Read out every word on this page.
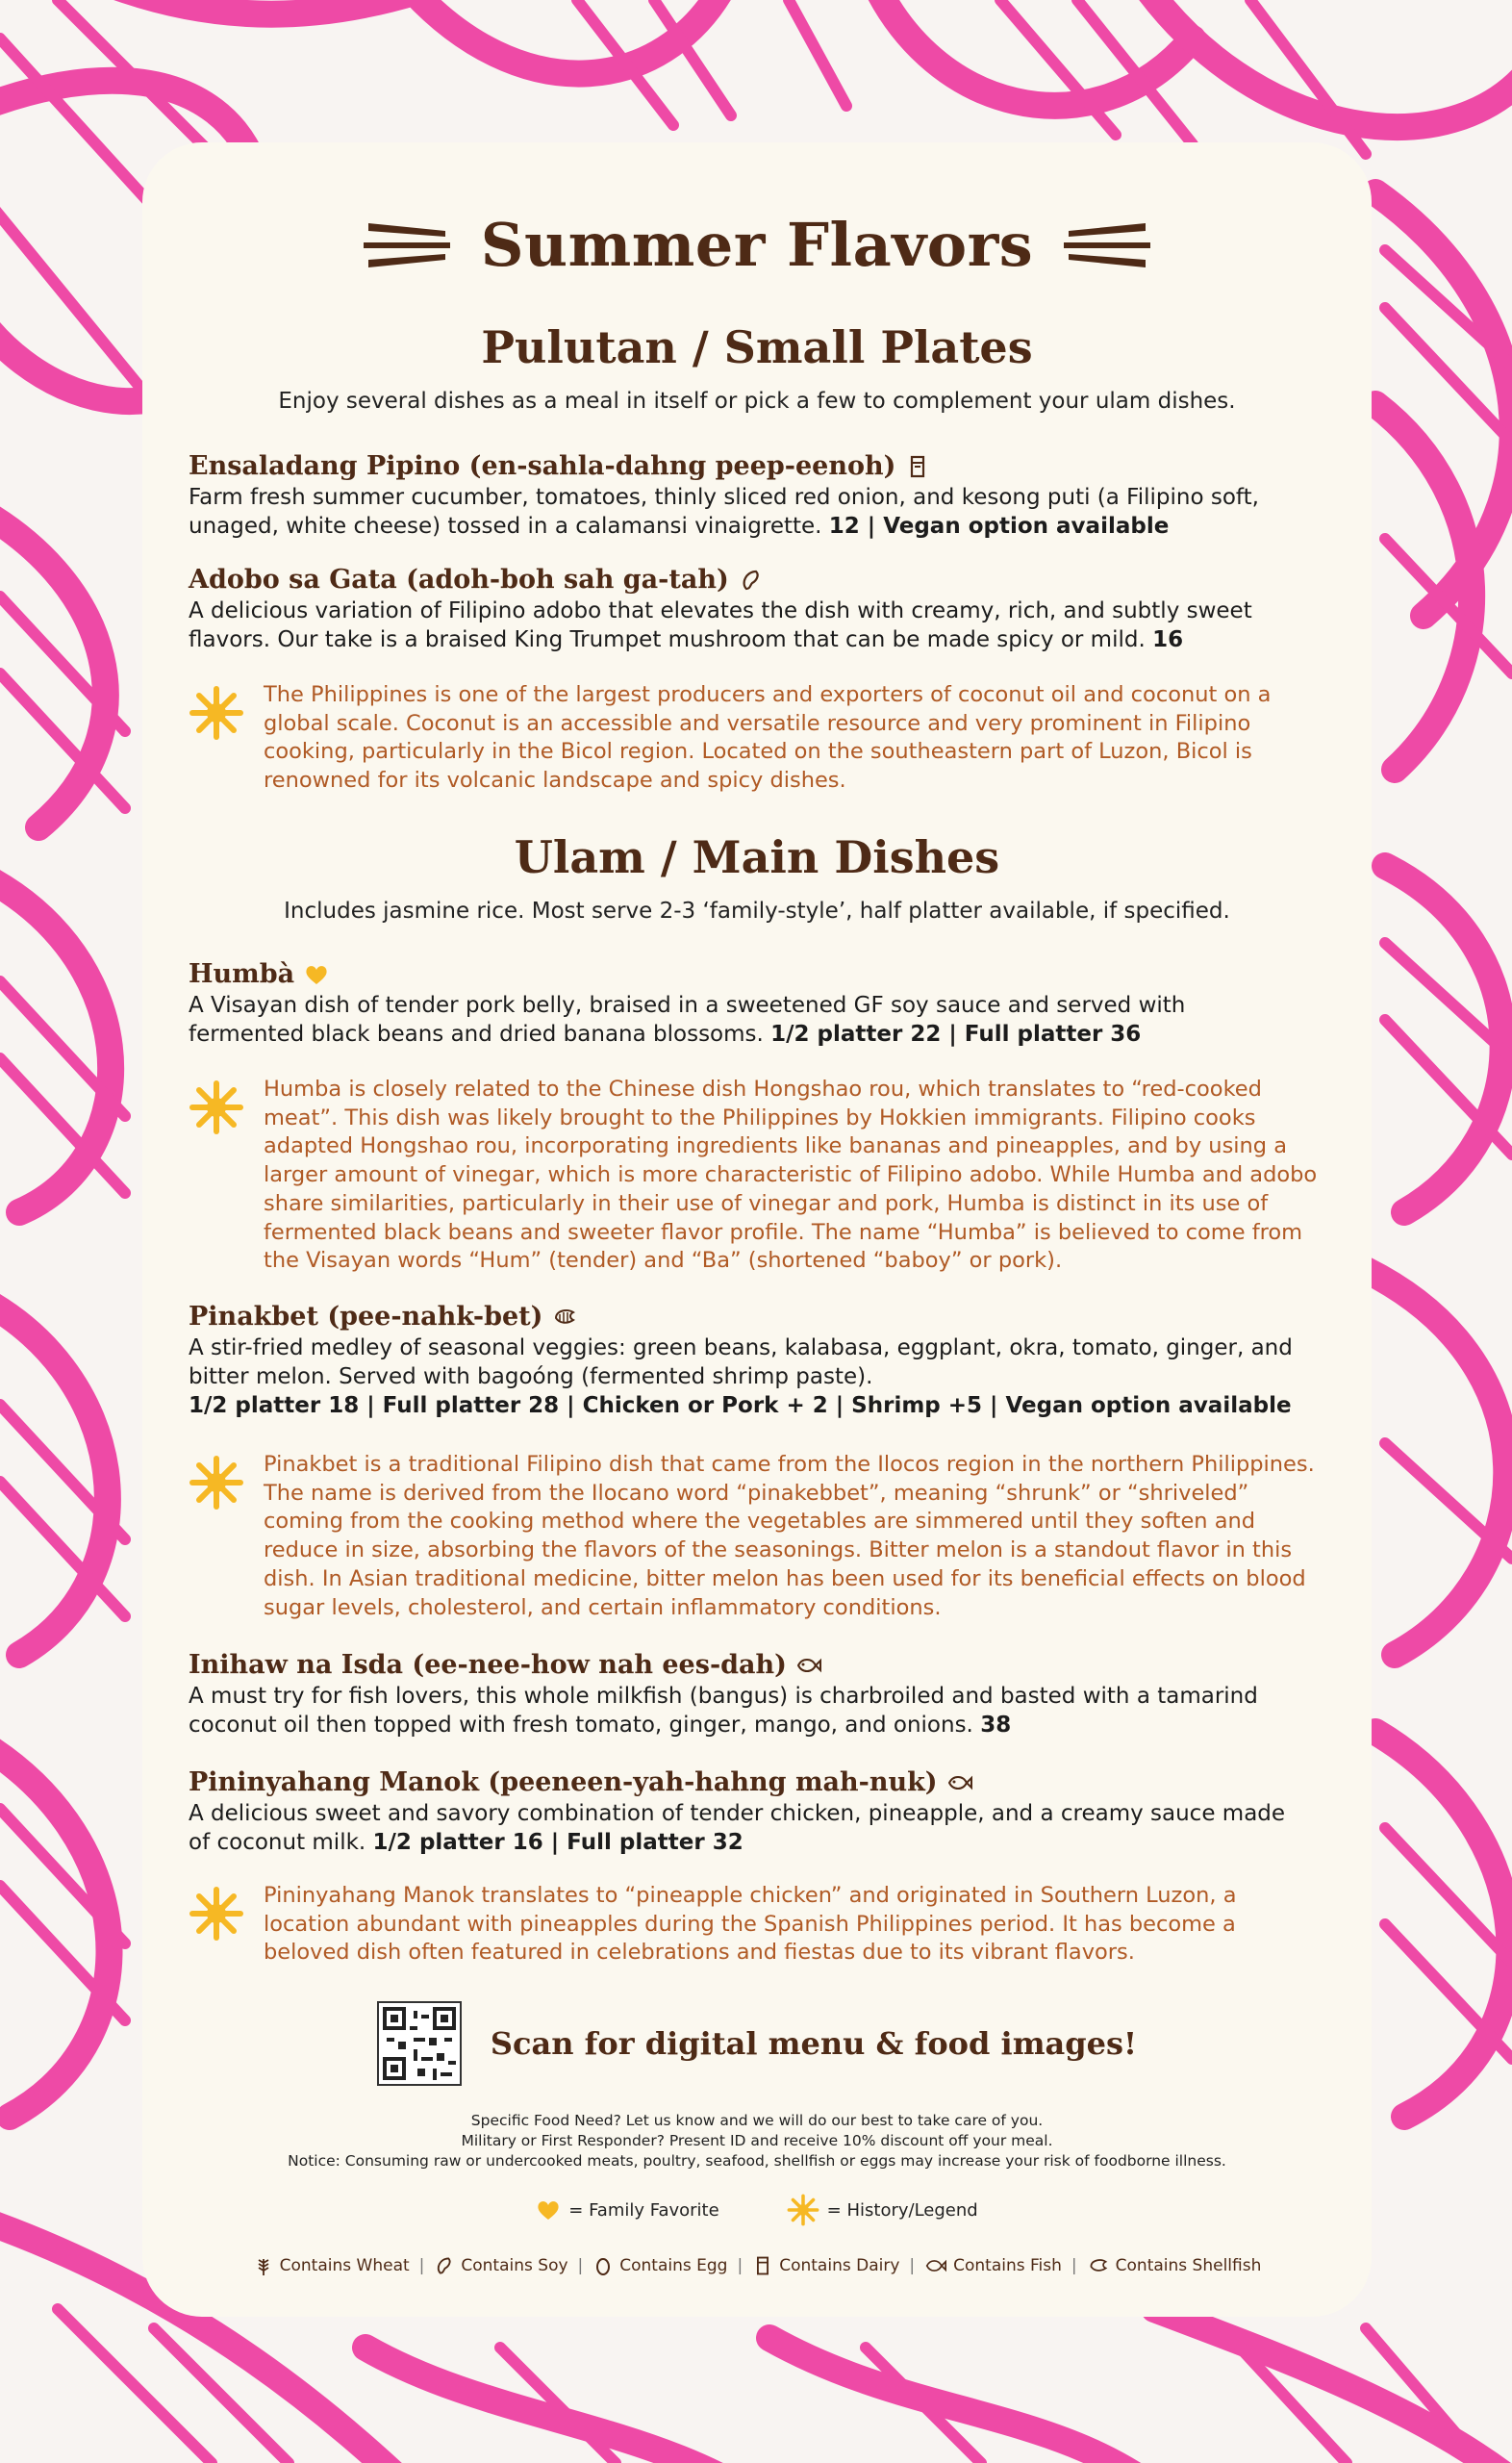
Summer Flavors
Pulutan / Small Plates
Enjoy several dishes as a meal in itself or pick a few to complement your ulam dishes.
Ensaladang Pipino (en-sahla-dahng peep-eenoh)
Farm fresh summer cucumber, tomatoes, thinly sliced red onion, and kesong puti (a Filipino soft,
unaged, white cheese) tossed in a calamansi vinaigrette. 12 | Vegan option available
Adobo sa Gata (adoh-boh sah ga-tah)
A delicious variation of Filipino adobo that elevates the dish with creamy, rich, and subtly sweet
flavors. Our take is a braised King Trumpet mushroom that can be made spicy or mild. 16

The Philippines is one of the largest producers and exporters of coconut oil and coconut on a global scale. Coconut is an accessible and versatile resource and very prominent in Filipino cooking, particularly in the Bicol region. Located on the southeastern part of Luzon, Bicol is renowned for its volcanic landscape and spicy dishes.

Ulam / Main Dishes
Includes jasmine rice. Most serve 2-3 ‘family-style’, half platter available, if specified.
Humbà
A Visayan dish of tender pork belly, braised in a sweetened GF soy sauce and served with
fermented black beans and dried banana blossoms. 1/2 platter 22 | Full platter 36

Humba is closely related to the Chinese dish Hongshao rou, which translates to “red-cooked meat”. This dish was likely brought to the Philippines by Hokkien immigrants. Filipino cooks adapted Hongshao rou, incorporating ingredients like bananas and pineapples, and by using a larger amount of vinegar, which is more characteristic of Filipino adobo. While Humba and adobo share similarities, particularly in their use of vinegar and pork, Humba is distinct in its use of fermented black beans and sweeter flavor profile. The name “Humba” is believed to come from the Visayan words “Hum” (tender) and “Ba” (shortened “baboy” or pork).

Pinakbet (pee-nahk-bet)
A stir-fried medley of seasonal veggies: green beans, kalabasa, eggplant, okra, tomato, ginger, and
bitter melon. Served with bagoóng (fermented shrimp paste).
1/2 platter 18 | Full platter 28 | Chicken or Pork + 2 | Shrimp +5 | Vegan option available

Pinakbet is a traditional Filipino dish that came from the Ilocos region in the northern Philippines. The name is derived from the Ilocano word “pinakebbet”, meaning “shrunk” or “shriveled” coming from the cooking method where the vegetables are simmered until they soften and reduce in size, absorbing the flavors of the seasonings. Bitter melon is a standout flavor in this dish. In Asian traditional medicine, bitter melon has been used for its beneficial effects on blood sugar levels, cholesterol, and certain inflammatory conditions.

Inihaw na Isda (ee-nee-how nah ees-dah)
A must try for fish lovers, this whole milkfish (bangus) is charbroiled and basted with a tamarind
coconut oil then topped with fresh tomato, ginger, mango, and onions. 38
Pininyahang Manok (peeneen-yah-hahng mah-nuk)
A delicious sweet and savory combination of tender chicken, pineapple, and a creamy sauce made
of coconut milk. 1/2 platter 16 | Full platter 32

Pininyahang Manok translates to “pineapple chicken” and originated in Southern Luzon, a location abundant with pineapples during the Spanish Philippines period. It has become a beloved dish often featured in celebrations and fiestas due to its vibrant flavors.

Scan for digital menu & food images!
Specific Food Need? Let us know and we will do our best to take care of you.
Military or First Responder? Present ID and receive 10% discount off your meal.
Notice: Consuming raw or undercooked meats, poultry, seafood, shellfish or eggs may increase your risk of foodborne illness.
= Family Favorite	= History/Legend
Contains Wheat | Contains Soy | Contains Egg | Contains Dairy | Contains Fish | Contains Shellfish
